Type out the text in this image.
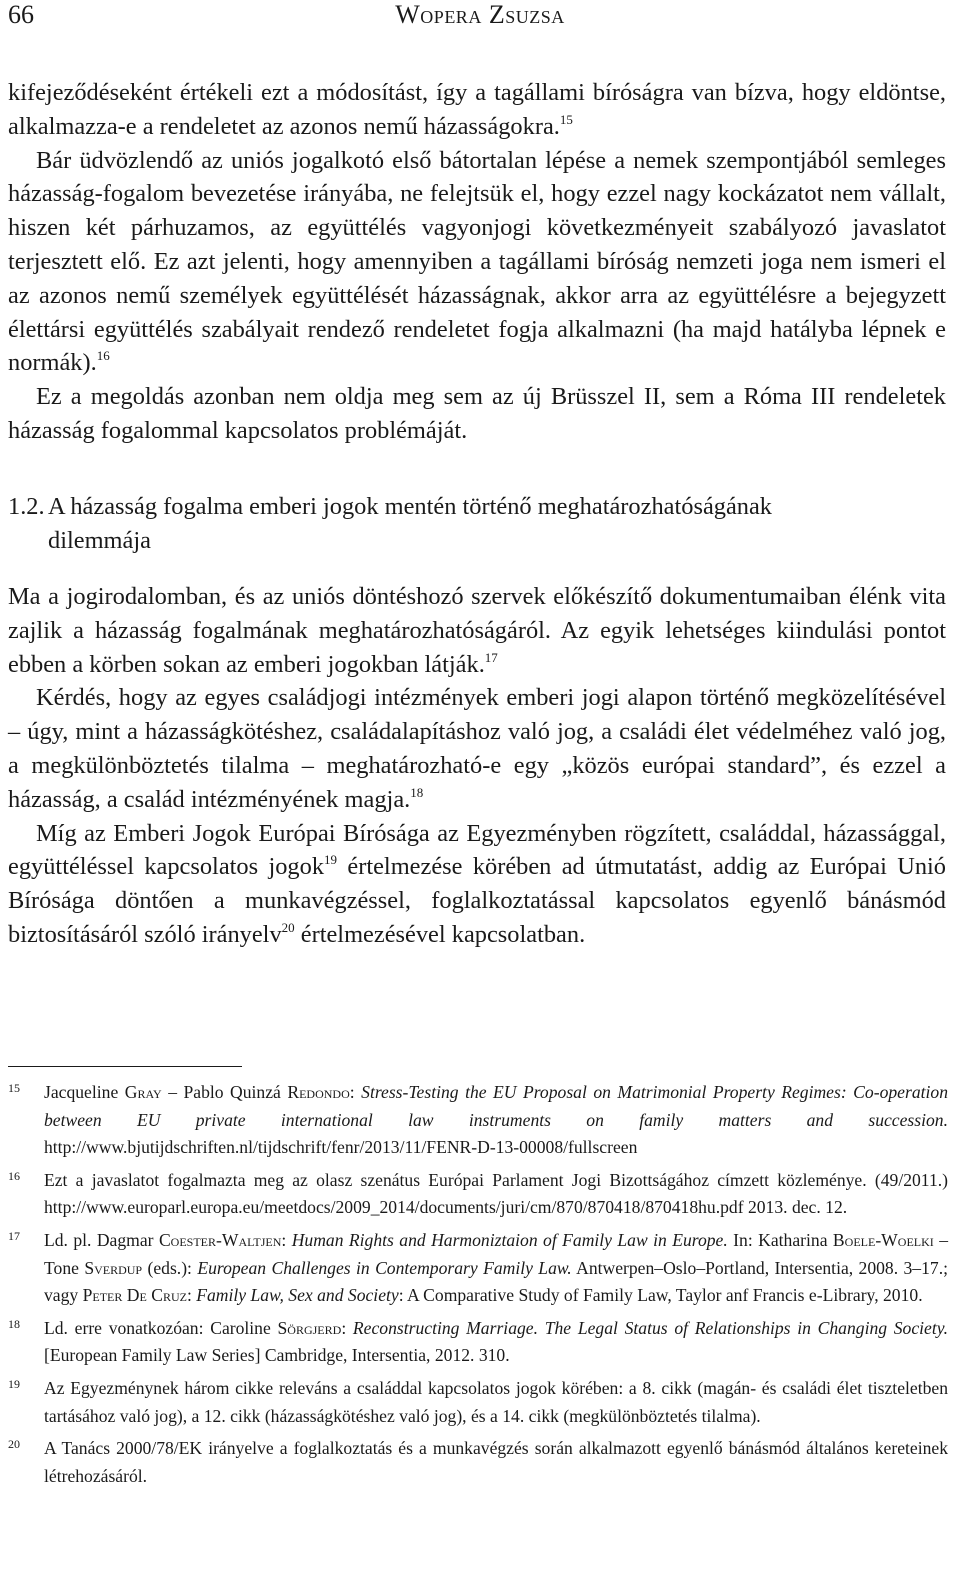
66	Wopera Zsuzsa

kifejeződéseként értékeli ezt a módosítást, így a tagállami bíróságra van bízva, hogy eldöntse, alkalmazza-e a rendeletet az azonos nemű házasságokra.$^{15}$

Bár üdvözlendő az uniós jogalkotó első bátortalan lépése a nemek szempontjából semleges házasság-fogalom bevezetése irányába, ne felejtsük el, hogy ezzel nagy kockázatot nem vállalt, hiszen két párhuzamos, az együttélés vagyonjogi következményeit szabályozó javaslatot terjesztett elő. Ez azt jelenti, hogy amennyiben a tagállami bíróság nemzeti joga nem ismeri el az azonos nemű személyek együttélését házasságnak, akkor arra az együttélésre a bejegyzett élettársi együttélés szabályait rendező rendeletet fogja alkalmazni (ha majd hatályba lépnek e normák).$^{16}$

Ez a megoldás azonban nem oldja meg sem az új Brüsszel II, sem a Róma III rendeletek házasság fogalommal kapcsolatos problémáját.

1.2. A házasság fogalma emberi jogok mentén történő meghatározhatóságának
dilemmája

Ma a jogirodalomban, és az uniós döntéshozó szervek előkészítő dokumentumaiban élénk vita zajlik a házasság fogalmának meghatározhatóságáról. Az egyik lehetséges kiindulási pontot ebben a körben sokan az emberi jogokban látják.$^{17}$

Kérdés, hogy az egyes családjogi intézmények emberi jogi alapon történő megközelítésével – úgy, mint a házasságkötéshez, családalapításhoz való jog, a családi élet védelméhez való jog, a megkülönböztetés tilalma – meghatározható-e egy „közös európai standard”, és ezzel a házasság, a család intézményének magja.$^{18}$

Míg az Emberi Jogok Európai Bírósága az Egyezményben rögzített, családdal, házassággal, együttéléssel kapcsolatos jogok$^{19}$ értelmezése körében ad útmutatást, addig az Európai Unió Bírósága döntően a munkavégzéssel, foglalkoztatással kapcsolatos egyenlő bánásmód biztosításáról szóló irányelv$^{20}$ értelmezésével kapcsolatban.

15	Jacqueline Gray – Pablo Quinzá Redondo: Stress-Testing the EU Proposal on Matrimonial Property Regimes: Co-operation between EU private international law instruments on family matters and succession. http://www.bjutijdschriften.nl/tijdschrift/fenr/2013/11/FENR-D-13-00008/fullscreen
16	Ezt a javaslatot fogalmazta meg az olasz szenátus Európai Parlament Jogi Bizottságához címzett közleménye. (49/2011.) http://www.europarl.europa.eu/meetdocs/2009_2014/documents/juri/cm/870/870418/870418hu.pdf 2013. dec. 12.
17	Ld. pl. Dagmar Coester-Waltjen: Human Rights and Harmoniztaion of Family Law in Europe. In: Katharina Boele-Woelki – Tone Sverdup (eds.): European Challenges in Contemporary Family Law. Antwerpen–Oslo–Portland, Intersentia, 2008. 3–17.; vagy Peter De Cruz: Family Law, Sex and Society: A Comparative Study of Family Law, Taylor anf Francis e-Library, 2010.
18	Ld. erre vonatkozóan: Caroline Sörgjerd: Reconstructing Marriage. The Legal Status of Relationships in Changing Society. [European Family Law Series] Cambridge, Intersentia, 2012. 310.
19	Az Egyezménynek három cikke releváns a családdal kapcsolatos jogok körében: a 8. cikk (magán- és családi élet tiszteletben tartásához való jog), a 12. cikk (házasságkötéshez való jog), és a 14. cikk (megkülönböztetés tilalma).
20	A Tanács 2000/78/EK irányelve a foglalkoztatás és a munkavégzés során alkalmazott egyenlő bánásmód általános kereteinek létrehozásáról.
